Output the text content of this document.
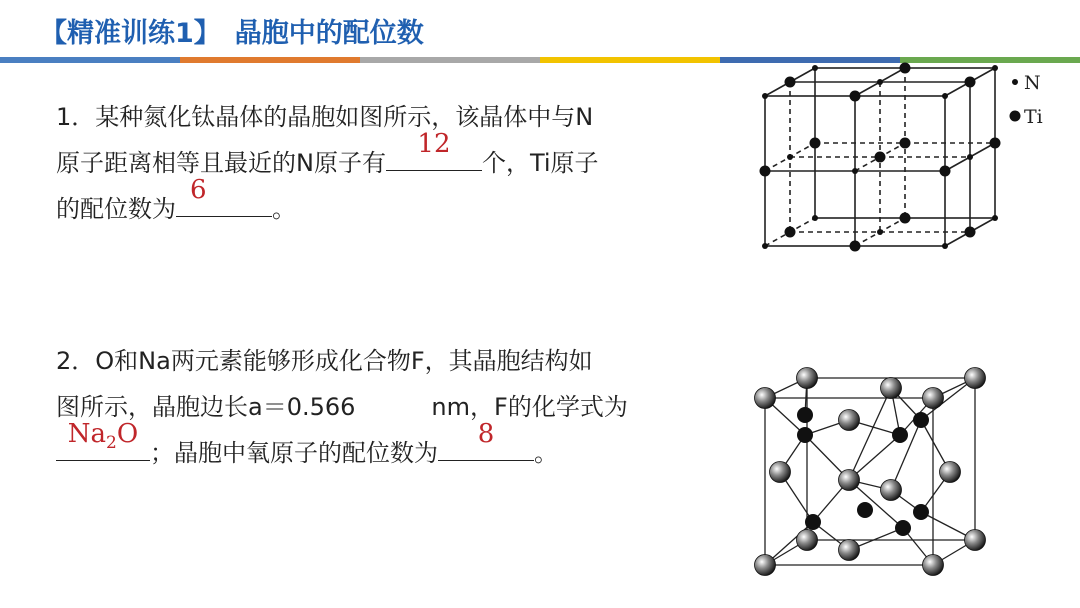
【精准训练1】 晶胞中的配位数
1．某种氮化钛晶体的晶胞如图所示，该晶体中与N
原子距离相等且最近的N原子有
12
个，Ti原子
的配位数为
6
。
2．O和Na两元素能够形成化合物F，其晶胞结构如
图所示，晶胞边长a＝0.566	nm，F的化学式为
$Na_2O$
；晶胞中氧原子的配位数为
8
。
N
Ti
